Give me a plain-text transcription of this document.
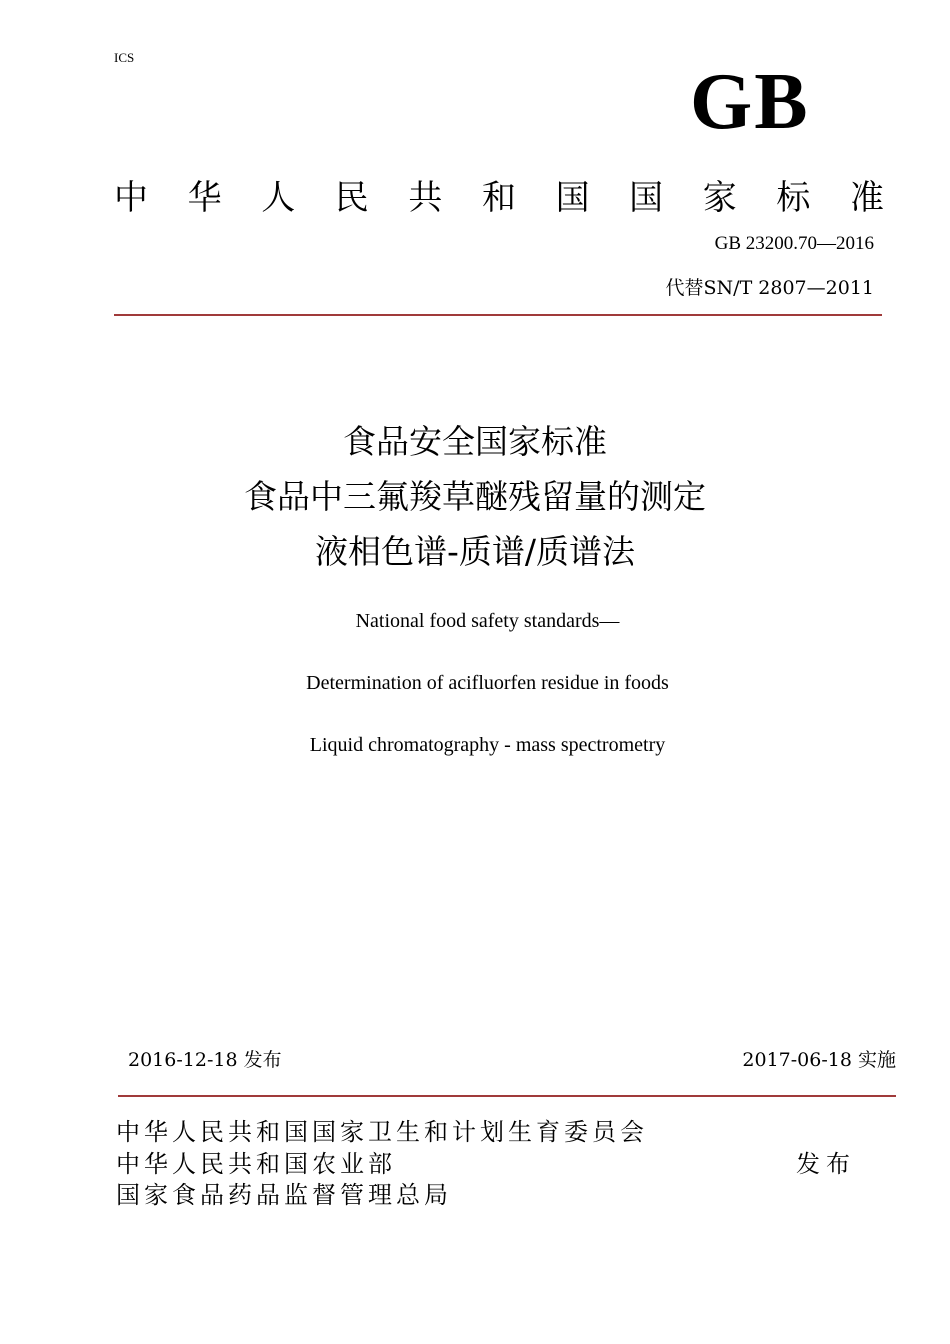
ICS
GB
中 华 人 民 共 和 国 国 家 标 准
GB 23200.70—2016
代替SN/T 2807—2011
食品安全国家标准
食品中三氟羧草醚残留量的测定
液相色谱-质谱/质谱法
National food safety standards—
Determination of acifluorfen residue in foods
Liquid chromatography - mass spectrometry
2016-12-18 发布	2017-06-18 实施
中华人民共和国国家卫生和计划生育委员会
中华人民共和国农业部
国家食品药品监督管理总局
发布
